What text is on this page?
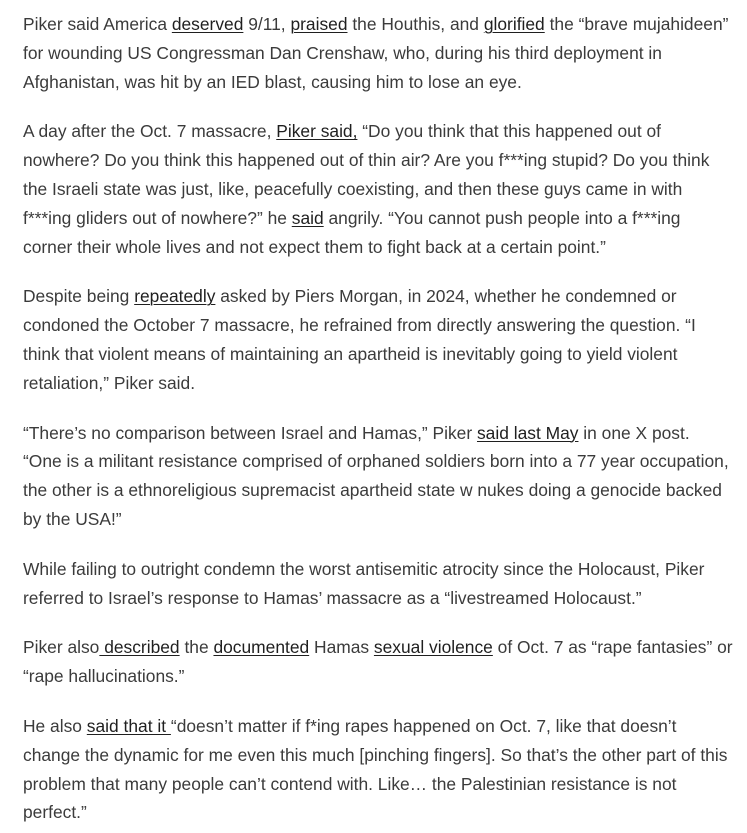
Piker said America deserved 9/11, praised the Houthis, and glorified the “brave mujahideen” for wounding US Congressman Dan Crenshaw, who, during his third deployment in Afghanistan, was hit by an IED blast, causing him to lose an eye.

A day after the Oct. 7 massacre, Piker said, “Do you think that this happened out of nowhere? Do you think this happened out of thin air? Are you f***ing stupid? Do you think the Israeli state was just, like, peacefully coexisting, and then these guys came in with f***ing gliders out of nowhere?” he said angrily. “You cannot push people into a f***ing corner their whole lives and not expect them to fight back at a certain point.”

Despite being repeatedly asked by Piers Morgan, in 2024, whether he condemned or condoned the October 7 massacre, he refrained from directly answering the question. “I think that violent means of maintaining an apartheid is inevitably going to yield violent retaliation,” Piker said.

“There’s no comparison between Israel and Hamas,” Piker said last May in one X post. “One is a militant resistance comprised of orphaned soldiers born into a 77 year occupation, the other is a ethnoreligious supremacist apartheid state w nukes doing a genocide backed by the USA!”

While failing to outright condemn the worst antisemitic atrocity since the Holocaust, Piker referred to Israel’s response to Hamas’ massacre as a “livestreamed Holocaust.”

Piker also described the documented Hamas sexual violence of Oct. 7 as “rape fantasies” or “rape hallucinations.”

He also said that it “doesn’t matter if f*ing rapes happened on Oct. 7, like that doesn’t change the dynamic for me even this much [pinching fingers]. So that’s the other part of this problem that many people can’t contend with. Like… the Palestinian resistance is not perfect.”
